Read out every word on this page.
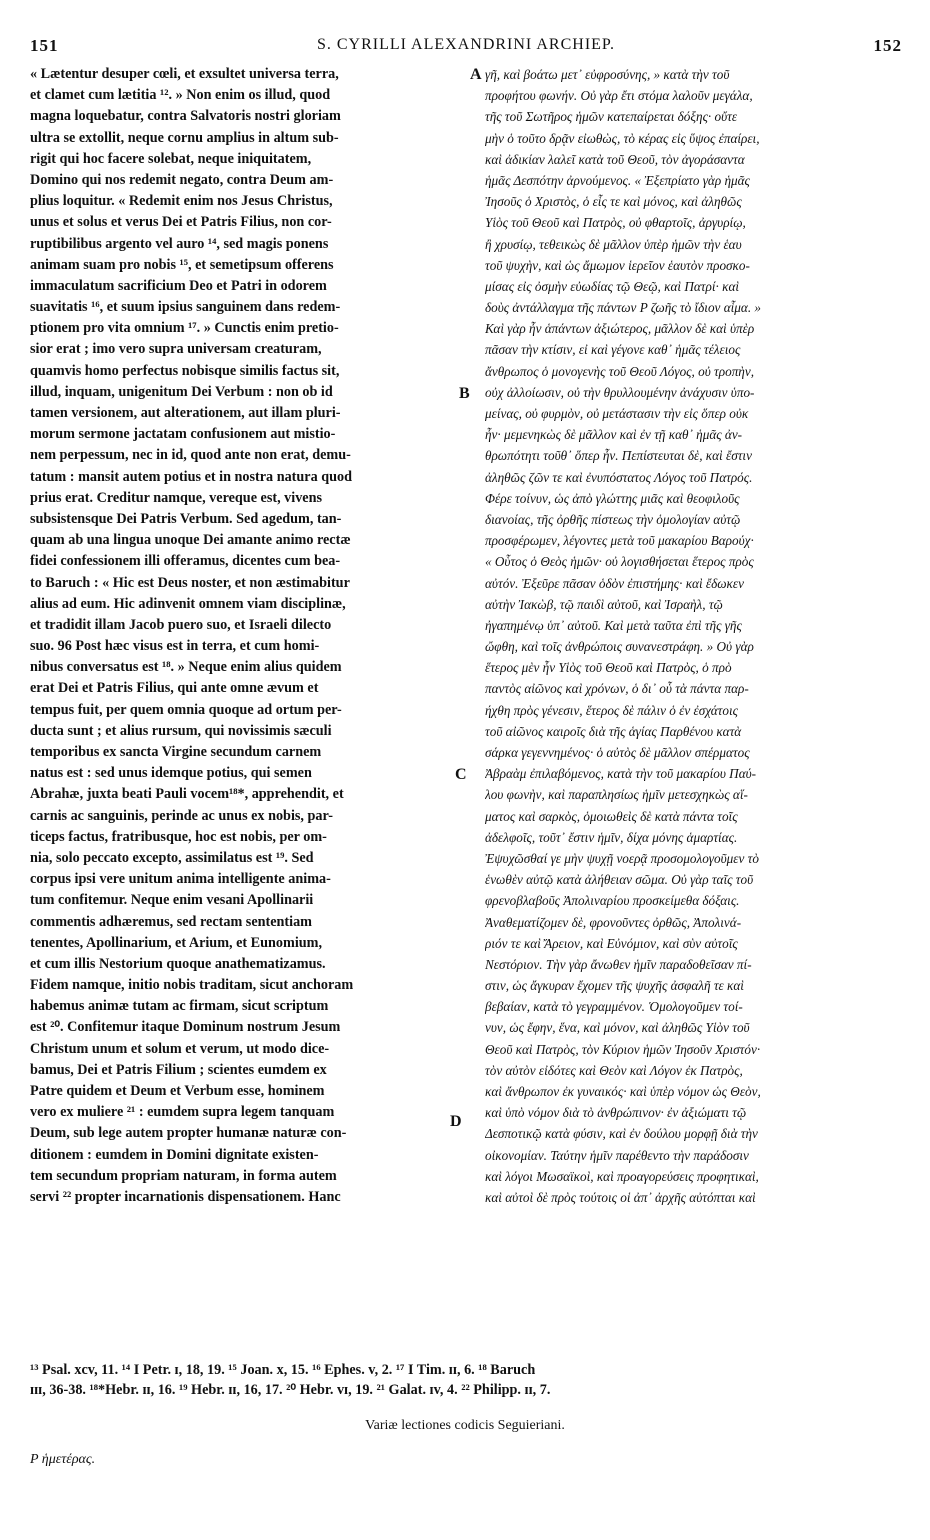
151	S. CYRILLI ALEXANDRINI ARCHIEP.	152
« Lætentur desuper cœli, et exsultet universa terra,
et clamet cum lætitia ¹². » Non enim os illud, quod
magna loquebatur, contra Salvatoris nostri gloriam
ultra se extollit, neque cornu amplius in altum sub-
rigit qui hoc facere solebat, neque iniquitatem,
Domino qui nos redemit negato, contra Deum am-
plius loquitur. « Redemit enim nos Jesus Christus,
unus et solus et verus Dei et Patris Filius, non cor-
ruptibilibus argento vel auro ¹⁴, sed magis ponens
animam suam pro nobis ¹⁵, et semetipsum offerens
immaculatum sacrificium Deo et Patri in odorem
suavitatis ¹⁶, et suum ipsius sanguinem dans redem-
ptionem pro vita omnium ¹⁷. » Cunctis enim pretio-
sior erat ; imo vero supra universam creaturam,
quamvis homo perfectus nobisque similis factus sit,
illud, inquam, unigenitum Dei Verbum : non ob id
tamen versionem, aut alterationem, aut illam pluri-
morum sermone jactatam confusionem aut mistio-
nem perpessum, nec in id, quod ante non erat, demu-
tatum : mansit autem potius et in nostra natura quod
prius erat. Creditur namque, vereque est, vivens
subsistensque Dei Patris Verbum. Sed agedum, tan-
quam ab una lingua unoque Dei amante animo rectæ
fidei confessionem illi offeramus, dicentes cum bea-
to Baruch : « Hic est Deus noster, et non æstimabitur
alius ad eum. Hic adinvenit omnem viam disciplinæ,
et tradidit illam Jacob puero suo, et Israeli dilecto
suo. 96 Post hæc visus est in terra, et cum homi-
nibus conversatus est ¹⁸. » Neque enim alius quidem
erat Dei et Patris Filius, qui ante omne ævum et
tempus fuit, per quem omnia quoque ad ortum per-
ducta sunt ; et alius rursum, qui novissimis sæculi
temporibus ex sancta Virgine secundum carnem
natus est : sed unus idemque potius, qui semen
Abrahæ, juxta beati Pauli vocem¹⁸*, apprehendit, et
carnis ac sanguinis, perinde ac unus ex nobis, par-
ticeps factus, fratribusque, hoc est nobis, per om-
nia, solo peccato excepto, assimilatus est ¹⁹. Sed
corpus ipsi vere unitum anima intelligente anima-
tum confitemur. Neque enim vesani Apollinarii
commentis adhæremus, sed rectam sententiam
tenentes, Apollinarium, et Arium, et Eunomium,
et cum illis Nestorium quoque anathematizamus.
Fidem namque, initio nobis traditam, sicut anchoram
habemus animæ tutam ac firmam, sicut scriptum
est ²⁰. Confitemur itaque Dominum nostrum Jesum
Christum unum et solum et verum, ut modo dice-
bamus, Dei et Patris Filium ; scientes eumdem ex
Patre quidem et Deum et Verbum esse, hominem
vero ex muliere ²¹ : eumdem supra legem tanquam
Deum, sub lege autem propter humanæ naturæ con-
ditionem : eumdem in Domini dignitate existen-
tem secundum propriam naturam, in forma autem
servi ²² propter incarnationis dispensationem. Hanc
γῆ, καὶ βοάτω μετ᾽ εὐφροσύνης, » κατὰ τὴν τοῦ
προφήτου φωνήν. Οὐ γὰρ ἔτι στόμα λαλοῦν μεγάλα,
τῆς τοῦ Σωτῆρος ἡμῶν κατεπαίρεται δόξης· οὔτε
μὴν ὁ τοῦτο δρᾷν εἰωθὼς, τὸ κέρας εἰς ὕψος ἐπαίρει,
καὶ ἀδικίαν λαλεῖ κατὰ τοῦ Θεοῦ, τὸν ἀγοράσαντα
ἡμᾶς Δεσπότην ἀρνούμενος. « Ἐξεπρίατο γὰρ ἡμᾶς
Ἰησοῦς ὁ Χριστὸς, ὁ εἷς τε καὶ μόνος, καὶ ἀληθῶς
Υἱὸς τοῦ Θεοῦ καὶ Πατρὸς, οὐ φθαρτοῖς, ἀργυρίῳ,
ἢ χρυσίῳ, τεθεικὼς δὲ μᾶλλον ὑπὲρ ἡμῶν τὴν ἑαυ
τοῦ ψυχὴν, καὶ ὡς ἄμωμον ἱερεῖον ἑαυτὸν προσκο-
μίσας εἰς ὀσμὴν εὐωδίας τῷ Θεῷ, καὶ Πατρί· καὶ
δοὺς ἀντάλλαγμα τῆς πάντων P ζωῆς τὸ ἴδιον αἷμα. »
Καὶ γὰρ ἦν ἁπάντων ἀξιώτερος, μᾶλλον δὲ καὶ ὑπὲρ
πᾶσαν τὴν κτίσιν, εἰ καὶ γέγονε καθ᾽ ἡμᾶς τέλειος
ἄνθρωπος ὁ μονογενὴς τοῦ Θεοῦ Λόγος, οὐ τροπὴν,
οὐχ ἀλλοίωσιν, οὐ τὴν θρυλλουμένην ἀνάχυσιν ὑπο-
μείνας, οὐ φυρμὸν, οὐ μετάστασιν τὴν εἰς ὅπερ οὐκ
ἦν· μεμενηκὼς δὲ μᾶλλον καὶ ἐν τῇ καθ᾽ ἡμᾶς ἀν-
θρωπότητι τοῦθ᾽ ὅπερ ἦν. Πεπίστευται δὲ, καὶ ἔστιν
ἀληθῶς ζῶν τε καὶ ἐνυπόστατος Λόγος τοῦ Πατρός.
Φέρε τοίνυν, ὡς ἀπὸ γλώττης μιᾶς καὶ θεοφιλοῦς
διανοίας, τῆς ὀρθῆς πίστεως τὴν ὁμολογίαν αὐτῷ
προσφέρωμεν, λέγοντες μετὰ τοῦ μακαρίου Βαρούχ·
« Οὗτος ὁ Θεὸς ἡμῶν· οὐ λογισθήσεται ἕτερος πρὸς
αὐτόν. Ἐξεῦρε πᾶσαν ὁδὸν ἐπιστήμης· καὶ ἔδωκεν
αὐτὴν Ἰακὼβ, τῷ παιδὶ αὐτοῦ, καὶ Ἰσραὴλ, τῷ
ἠγαπημένῳ ὑπ᾽ αὐτοῦ. Καὶ μετὰ ταῦτα ἐπὶ τῆς γῆς
ὤφθη, καὶ τοῖς ἀνθρώποις συνανεστράφη. » Οὐ γὰρ
ἕτερος μὲν ἦν Υἱὸς τοῦ Θεοῦ καὶ Πατρὸς, ὁ πρὸ
παντὸς αἰῶνος καὶ χρόνων, ὁ δι᾽ οὗ τὰ πάντα παρ-
ήχθη πρὸς γένεσιν, ἕτερος δὲ πάλιν ὁ ἐν ἐσχάτοις
τοῦ αἰῶνος καιροῖς διὰ τῆς ἁγίας Παρθένου κατὰ
σάρκα γεγεννημένος· ὁ αὐτὸς δὲ μᾶλλον σπέρματος
Ἀβραὰμ ἐπιλαβόμενος, κατὰ τὴν τοῦ μακαρίου Παύ-
λου φωνὴν, καὶ παραπλησίως ἡμῖν μετεσχηκὼς αἵ-
ματος καὶ σαρκὸς, ὁμοιωθεὶς δὲ κατὰ πάντα τοῖς
ἀδελφοῖς, τοῦτ᾽ ἔστιν ἡμῖν, δίχα μόνης ἁμαρτίας.
Ἐψυχῶσθαί γε μὴν ψυχῇ νοερᾷ προσομολογοῦμεν τὸ
ἑνωθὲν αὐτῷ κατὰ ἀλήθειαν σῶμα. Οὐ γὰρ ταῖς τοῦ
φρενοβλαβοῦς Ἀπολιναρίου προσκείμεθα δόξαις.
Ἀναθεματίζομεν δὲ, φρονοῦντες ὀρθῶς, Ἀπολινά-
ριόν τε καὶ Ἄρειον, καὶ Εὐνόμιον, καὶ σὺν αὐτοῖς
Νεστόριον. Τὴν γὰρ ἄνωθεν ἡμῖν παραδοθεῖσαν πί-
στιν, ὡς ἄγκυραν ἔχομεν τῆς ψυχῆς ἀσφαλῆ τε καὶ
βεβαίαν, κατὰ τὸ γεγραμμένον. Ὁμολογοῦμεν τοί-
νυν, ὡς ἔφην, ἕνα, καὶ μόνον, καὶ ἀληθῶς Υἱὸν τοῦ
Θεοῦ καὶ Πατρὸς, τὸν Κύριον ἡμῶν Ἰησοῦν Χριστόν·
τὸν αὐτὸν εἰδότες καὶ Θεὸν καὶ Λόγον ἐκ Πατρὸς,
καὶ ἄνθρωπον ἐκ γυναικός· καὶ ὑπὲρ νόμον ὡς Θεὸν,
καὶ ὑπὸ νόμον διὰ τὸ ἀνθρώπινον· ἐν ἀξιώματι τῷ
Δεσποτικῷ κατὰ φύσιν, καὶ ἐν δούλου μορφῇ διὰ τὴν
οἰκονομίαν. Ταύτην ἡμῖν παρέθεντο τὴν παράδοσιν
καὶ λόγοι Μωσαϊκοὶ, καὶ προαγορεύσεις προφητικαὶ,
καὶ αὐτοὶ δὲ πρὸς τούτοις οἱ ἀπ᾽ ἀρχῆς αὐτόπται καὶ
A
B
C
D
¹³ Psal. xcv, 11. ¹⁴ I Petr. ɪ, 18, 19. ¹⁵ Joan. x, 15. ¹⁶ Ephes. v, 2. ¹⁷ I Tim. ɪɪ, 6. ¹⁸ Baruch
ɪɪɪ, 36-38. ¹⁸*Hebr. ɪɪ, 16. ¹⁹ Hebr. ɪɪ, 16, 17. ²⁰ Hebr. vɪ, 19. ²¹ Galat. ɪv, 4. ²² Philipp. ɪɪ, 7.
Variæ lectiones codicis Seguieriani.
P ἡμετέρας.
